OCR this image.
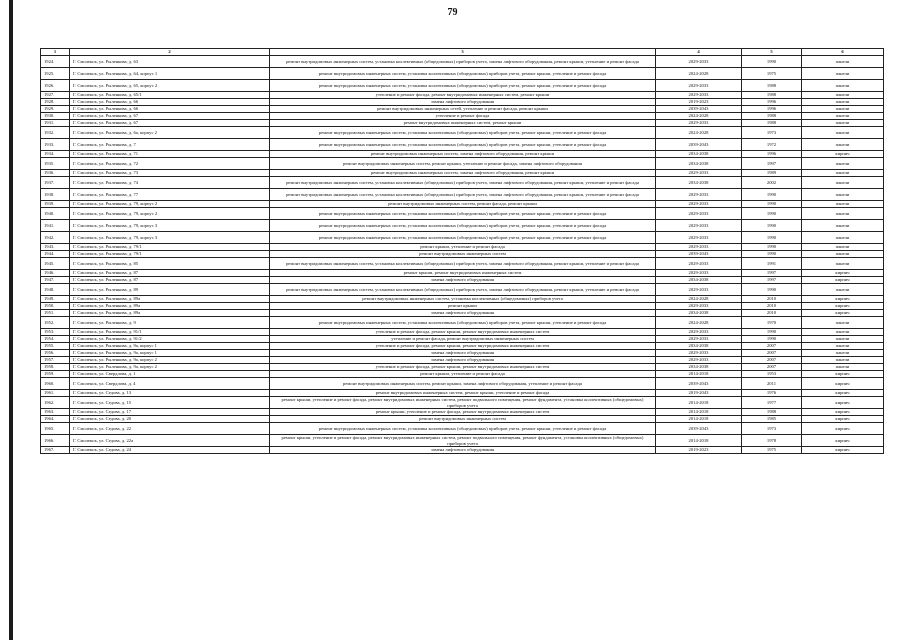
79
1	2	3	4	5	6
1924.	Г. Смоленск, ул. Рыленкова, д. 63	ремонт внутридомовых инженерных систем, установка коллективных (общедомовых) приборов учета, замена лифтового оборудования, ремонт крыши, утепление и ремонт фасада	2029-2033	1990	панели
1925.	Г. Смоленск, ул. Рыленкова, д. 64, корпус 1	ремонт внутридомовых инженерных систем, установка коллективных (общедомовых) приборов учета, ремонт крыши, утепление и ремонт фасада	2024-2028	1975	панели
1926.	Г. Смоленск, ул. Рыленкова, д. 65, корпус 2	ремонт внутридомовых инженерных систем, установка коллективных (общедомовых) приборов учета, ремонт крыши, утепление и ремонт фасада	2029-2033	1988	панели
1927.	Г. Смоленск, ул. Рыленкова, д. 65/1	утепление и ремонт фасада, ремонт внутридомовых инженерных систем, ремонт крыши	2029-2033	1988	панели
1928.	Г. Смоленск, ул. Рыленкова, д. 66	замена лифтового оборудования	2019-2023	1996	панели
1929.	Г. Смоленск, ул. Рыленкова, д. 66	ремонт внутридомовых инженерных сетей, утепление и ремонт фасада, ремонт крыши	2039-2043	1996	панели
1930.	Г. Смоленск, ул. Рыленкова, д. 67	утепление и ремонт фасада	2024-2028	1988	панели
1931.	Г. Смоленск, ул. Рыленкова, д. 67	ремонт внутридомовых инженерных систем, ремонт крыши	2029-2033	1988	панели
1932.	Г. Смоленск, ул. Рыленкова, д. 6а, корпус 2	ремонт внутридомовых инженерных систем, установка коллективных (общедомовых) приборов учета, ремонт крыши, утепление и ремонт фасада	2024-2028	1973	панели
1933.	Г. Смоленск, ул. Рыленкова, д. 7	ремонт внутридомовых инженерных систем, установка коллективных (общедомовых) приборов учета, ремонт крыши, утепление и ремонт фасада	2039-2043	1972	панели
1934.	Г. Смоленск, ул. Рыленкова, д. 71	ремонт внутридомовых инженерных систем, замена лифтового оборудования, ремонт крыши	2034-2038	1996	кирпич
1935.	Г. Смоленск, ул. Рыленкова, д. 72	ремонт внутридомовых инженерных систем, ремонт крыши, утепление и ремонт фасада, замена лифтового оборудования	2034-2038	1997	панели
1936.	Г. Смоленск, ул. Рыленкова, д. 73	ремонт внутридомовых инженерных систем, замена лифтового оборудования, ремонт крыши	2029-2033	1989	панели
1937.	Г. Смоленск, ул. Рыленкова, д. 74	ремонт внутридомовых инженерных систем, установка коллективных (общедомовых) приборов учета, замена лифтового оборудования, ремонт крыши, утепление и ремонт фасада	2034-2038	2002	панели
1938.	Г. Смоленск, ул. Рыленкова, д. 77	ремонт внутридомовых инженерных систем, установка коллективных (общедомовых) приборов учета, замена лифтового оборудования, ремонт крыши, утепление и ремонт фасада	2029-2033	1990	панели
1939.	Г. Смоленск, ул. Рыленкова, д. 79, корпус 2	ремонт внутридомовых инженерных систем, ремонт фасада, ремонт крыши	2029-2033	1990	панели
1940.	Г. Смоленск, ул. Рыленкова, д. 79, корпус 2	ремонт внутридомовых инженерных систем, установка коллективных (общедомовых) приборов учета, ремонт крыши, утепление и ремонт фасада	2029-2033	1990	панели
1941.	Г. Смоленск, ул. Рыленкова, д. 79, корпус 3	ремонт внутридомовых инженерных систем, установка коллективных (общедомовых) приборов учета, ремонт крыши, утепление и ремонт фасада	2029-2033	1990	панели
1942.	Г. Смоленск, ул. Рыленкова, д. 79, корпус 3	ремонт внутридомовых инженерных систем, установка коллективных (общедомовых) приборов учета, ремонт крыши, утепление и ремонт фасада	2029-2033	1990	панели
1943.	Г. Смоленск, ул. Рыленкова, д. 79/1	ремонт крыши, утепление и ремонт фасада	2029-2033	1990	панели
1944.	Г. Смоленск, ул. Рыленкова, д. 79/1	ремонт внутридомовых инженерных систем	2039-2043	1990	панели
1945.	Г. Смоленск, ул. Рыленкова, д. 85	ремонт внутридомовых инженерных систем, установка коллективных (общедомовых) приборов учета, замена лифтового оборудования, ремонт крыши, утепление и ремонт фасада	2029-2033	1991	панели
1946.	Г. Смоленск, ул. Рыленкова, д. 87	ремонт крыши, ремонт внутридомовых инженерных систем	2029-2033	1997	кирпич
1947.	Г. Смоленск, ул. Рыленкова, д. 87	замена лифтового оборудования	2034-2038	1997	кирпич
1948.	Г. Смоленск, ул. Рыленкова, д. 89	ремонт внутридомовых инженерных систем, установка коллективных (общедомовых) приборов учета, замена лифтового оборудования, ремонт крыши, утепление и ремонт фасада	2029-2033	1990	панели
1949.	Г. Смоленск, ул. Рыленкова, д. 89а	ремонт внутридомовых инженерных систем, установка коллективных (общедомовых) приборов учета	2024-2028	2010	кирпич
1950.	Г. Смоленск, ул. Рыленкова, д. 89а	ремонт крыши	2029-2033	2010	кирпич
1951.	Г. Смоленск, ул. Рыленкова, д. 89а	замена лифтового оборудования	2034-2038	2010	кирпич
1952.	Г. Смоленск, ул. Рыленкова, д. 9	ремонт внутридомовых инженерных систем, установка коллективных (общедомовых) приборов учета, ремонт крыши, утепление и ремонт фасада	2024-2028	1970	панели
1953.	Г. Смоленск, ул. Рыленкова, д. 91/1	утепление и ремонт фасада, ремонт крыши, ремонт внутридомовых инженерных систем	2029-2033	1990	панели
1954.	Г. Смоленск, ул. Рыленкова, д. 91/2	утепление и ремонт фасада, ремонт внутридомовых инженерных систем	2029-2033	1990	панели
1955.	Г. Смоленск, ул. Рыленкова, д. 9а, корпус 1	утепление и ремонт фасада, ремонт крыши, ремонт внутридомовых инженерных систем	2034-2038	2007	панели
1956.	Г. Смоленск, ул. Рыленкова, д. 9а, корпус 1	замена лифтового оборудования	2029-2033	2007	панели
1957.	Г. Смоленск, ул. Рыленкова, д. 9а, корпус 2	замена лифтового оборудования	2029-2033	2007	панели
1958.	Г. Смоленск, ул. Рыленкова, д. 9а, корпус 2	утепление и ремонт фасада, ремонт крыши, ремонт внутридомовых инженерных систем	2034-2038	2007	панели
1959.	Г. Смоленск, ул. Свердлова, д. 1	ремонт крыши, утепление и ремонт фасада	2014-2018	1953	кирпич
1960.	Г. Смоленск, ул. Свердлова, д. 4	ремонт внутридомовых инженерных систем, ремонт крыши, замена лифтового оборудования, утепление и ремонт фасада	2039-2043	2011	кирпич
1961.	Г. Смоленск, ул. Седова, д. 13	ремонт внутридомовых инженерных систем, ремонт крыши, утепление и ремонт фасада	2019-2043	1976	кирпич
1962.	Г. Смоленск, ул. Седова, д. 15	ремонт крыши, утепление и ремонт фасада, ремонт внутридомовых инженерных систем, ремонт подвального помещения, ремонт фундамента, установка коллективных (общедомовых) приборов учета	2014-2018	1977	кирпич
1963.	Г. Смоленск, ул. Седова, д. 17	ремонт крыши, утепление и ремонт фасада, ремонт внутридомовых инженерных систем	2014-2018	1988	кирпич
1964.	Г. Смоленск, ул. Седова, д. 20	ремонт внутридомовых инженерных систем	2014-2018	1985	кирпич
1965.	Г. Смоленск, ул. Седова, д. 22	ремонт внутридомовых инженерных систем, установка коллективных (общедомовых) приборов учета, ремонт крыши, утепление и ремонт фасада	2039-2043	1973	кирпич
1966.	Г. Смоленск, ул. Седова, д. 22а	ремонт крыши, утепление и ремонт фасада, ремонт внутридомовых инженерных систем, ремонт подвального помещения, ремонт фундамента, установка коллективных (общедомовых) приборов учета	2014-2018	1978	кирпич
1967.	Г. Смоленск, ул. Седова, д. 24	замена лифтового оборудования	2019-2023	1975	кирпич
